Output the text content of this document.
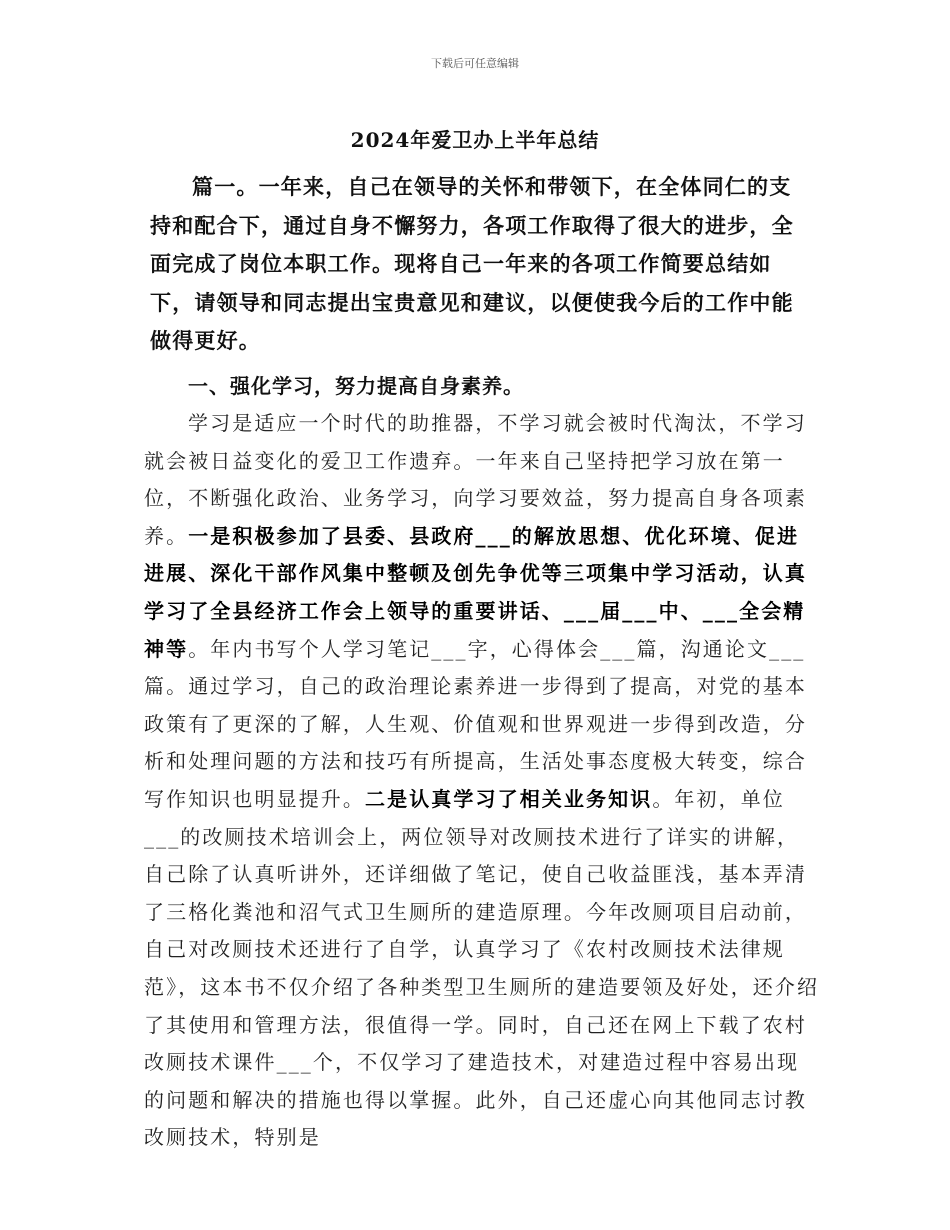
下载后可任意编辑
2024年爱卫办上半年总结
篇一。一年来，自己在领导的关怀和带领下，在全体同仁的支持和配合下，通过自身不懈努力，各项工作取得了很大的进步，全面完成了岗位本职工作。现将自己一年来的各项工作简要总结如下，请领导和同志提出宝贵意见和建议，以便使我今后的工作中能做得更好。
一、强化学习，努力提高自身素养。
学习是适应一个时代的助推器，不学习就会被时代淘汰，不学习就会被日益变化的爱卫工作遗弃。一年来自己坚持把学习放在第一位，不断强化政治、业务学习，向学习要效益，努力提高自身各项素养。一是积极参加了县委、县政府___的解放思想、优化环境、促进进展、深化干部作风集中整顿及创先争优等三项集中学习活动，认真学习了全县经济工作会上领导的重要讲话、___届___中、___全会精神等。年内书写个人学习笔记___字，心得体会___篇，沟通论文___篇。通过学习，自己的政治理论素养进一步得到了提高，对党的基本政策有了更深的了解，人生观、价值观和世界观进一步得到改造，分析和处理问题的方法和技巧有所提高，生活处事态度极大转变，综合写作知识也明显提升。二是认真学习了相关业务知识。年初，单位___的改厕技术培训会上，两位领导对改厕技术进行了详实的讲解，自己除了认真听讲外，还详细做了笔记，使自己收益匪浅，基本弄清了三格化粪池和沼气式卫生厕所的建造原理。今年改厕项目启动前，自己对改厕技术还进行了自学，认真学习了《农村改厕技术法律规范》，这本书不仅介绍了各种类型卫生厕所的建造要领及好处，还介绍了其使用和管理方法，很值得一学。同时，自己还在网上下载了农村改厕技术课件___个，不仅学习了建造技术，对建造过程中容易出现的问题和解决的措施也得以掌握。此外，自己还虚心向其他同志讨教改厕技术，特别是
